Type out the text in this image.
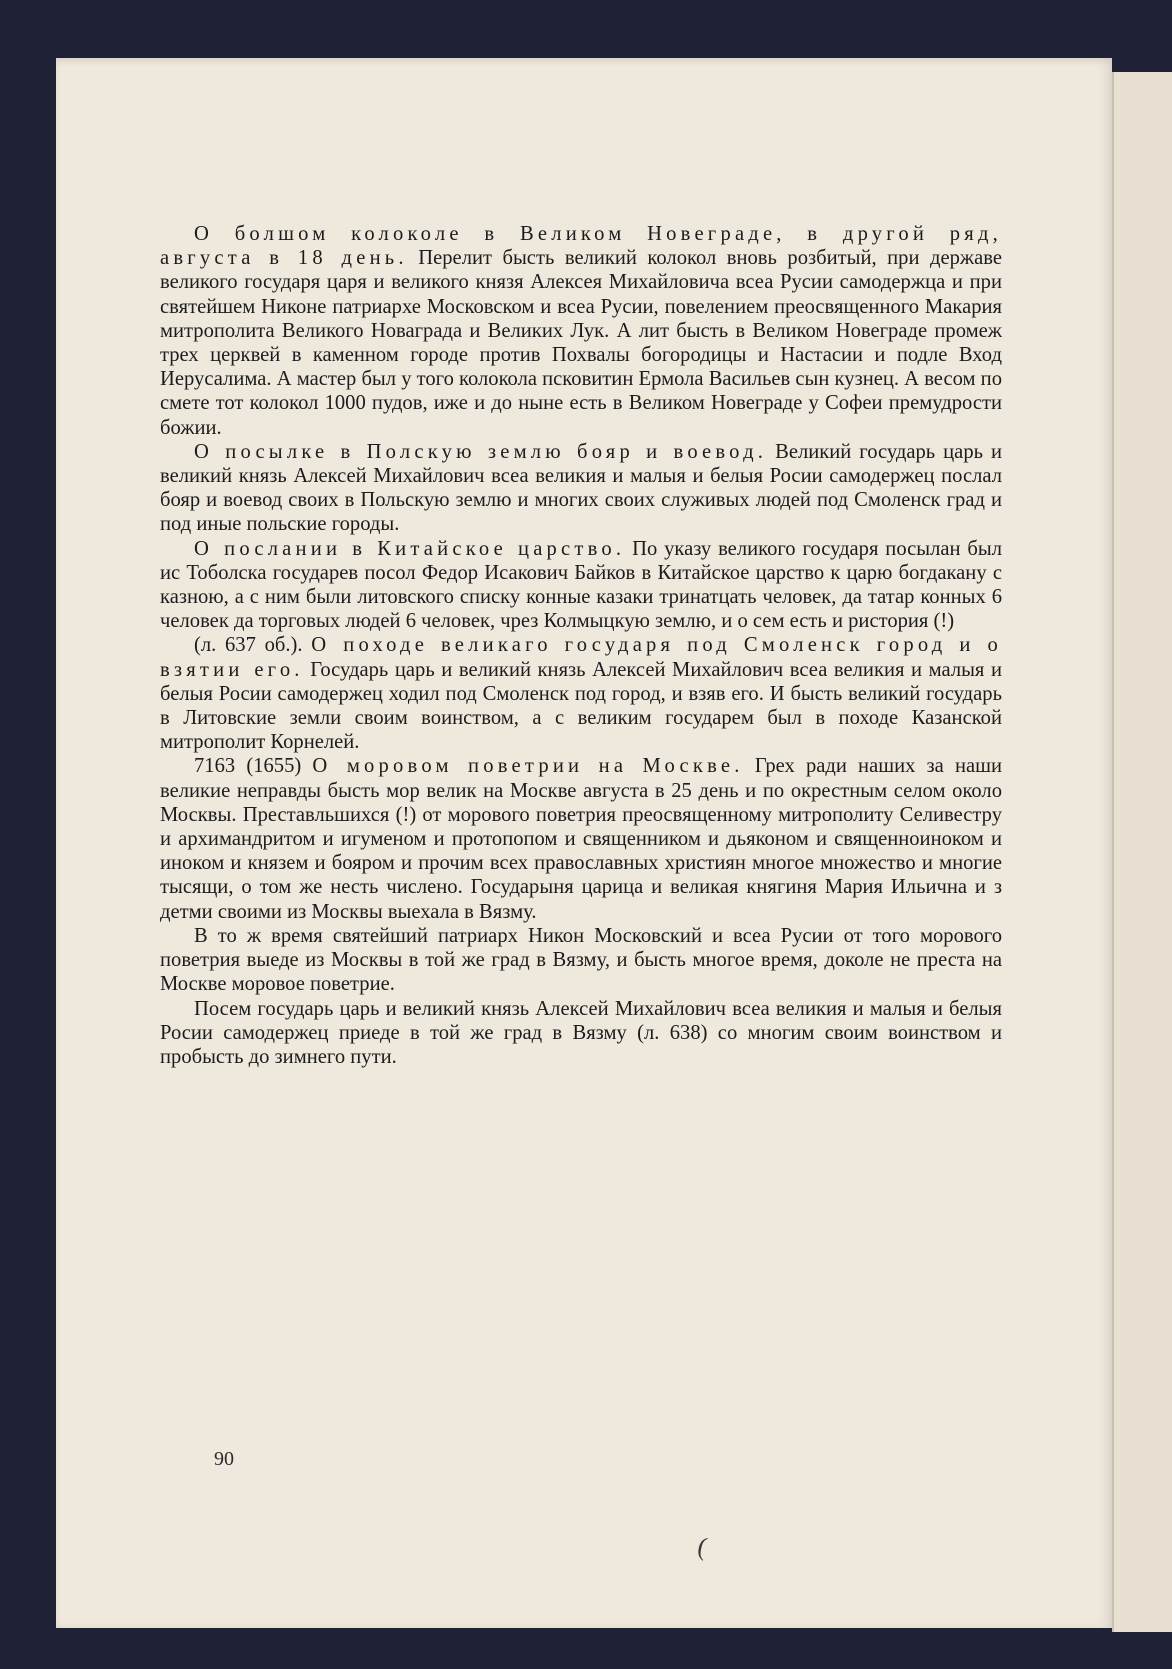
О болшом колоколе в Великом Новеграде, в другой ряд, августа в 18 день. Перелит бысть великий колокол вновь розбитый, при державе великого государя царя и великого князя Алексея Михайловича всеа Русии самодержца и при святейшем Никоне патриархе Московском и всеа Русии, повелением преосвященного Макария митрополита Великого Новаграда и Великих Лук. А лит бысть в Великом Новеграде промеж трех церквей в каменном городе против Похвалы богородицы и Настасии и подле Вход Иерусалима. А мастер был у того колокола псковитин Ермола Васильев сын кузнец. А весом по смете тот колокол 1000 пудов, иже и до ныне есть в Великом Новеграде у Софеи премудрости божии.

О посылке в Полскую землю бояр и воевод. Великий государь царь и великий князь Алексей Михайлович всеа великия и малыя и белыя Росии самодержец послал бояр и воевод своих в Польскую землю и многих своих служивых людей под Смоленск град и под иные польские городы.

О послании в Китайское царство. По указу великого государя посылан был ис Тоболска государев посол Федор Исакович Байков в Китайское царство к царю богдакану с казною, а с ним были литовского списку конные казаки тринатцать человек, да татар конных 6 человек да торговых людей 6 человек, чрез Колмыцкую землю, и о сем есть и ристория (!)

(л. 637 об.). О походе великаго государя под Смоленск город и о взятии его. Государь царь и великий князь Алексей Михайлович всеа великия и малыя и белыя Росии самодержец ходил под Смоленск под город, и взяв его. И бысть великий государь в Литовские земли своим воинством, а с великим государем был в походе Казанской митрополит Корнелей.

7163 (1655) О моровом поветрии на Москве. Грех ради наших за наши великие неправды бысть мор велик на Москве августа в 25 день и по окрестным селом около Москвы. Преставльшихся (!) от морового поветрия преосвященному митрополиту Селивестру и архимандритом и игуменом и протопопом и священником и дьяконом и священноиноком и иноком и князем и бояром и прочим всех православных християн многое множество и многие тысящи, о том же несть числено. Государыня царица и великая княгиня Мария Ильична и з детми своими из Москвы выехала в Вязму.

В то ж время святейший патриарх Никон Московский и всеа Русии от того морового поветрия выеде из Москвы в той же град в Вязму, и бысть многое время, доколе не преста на Москве моровое поветрие.

Посем государь царь и великий князь Алексей Михайлович всеа великия и малыя и белыя Росии самодержец приеде в той же град в Вязму (л. 638) со многим своим воинством и пробысть до зимнего пути.

90
(
